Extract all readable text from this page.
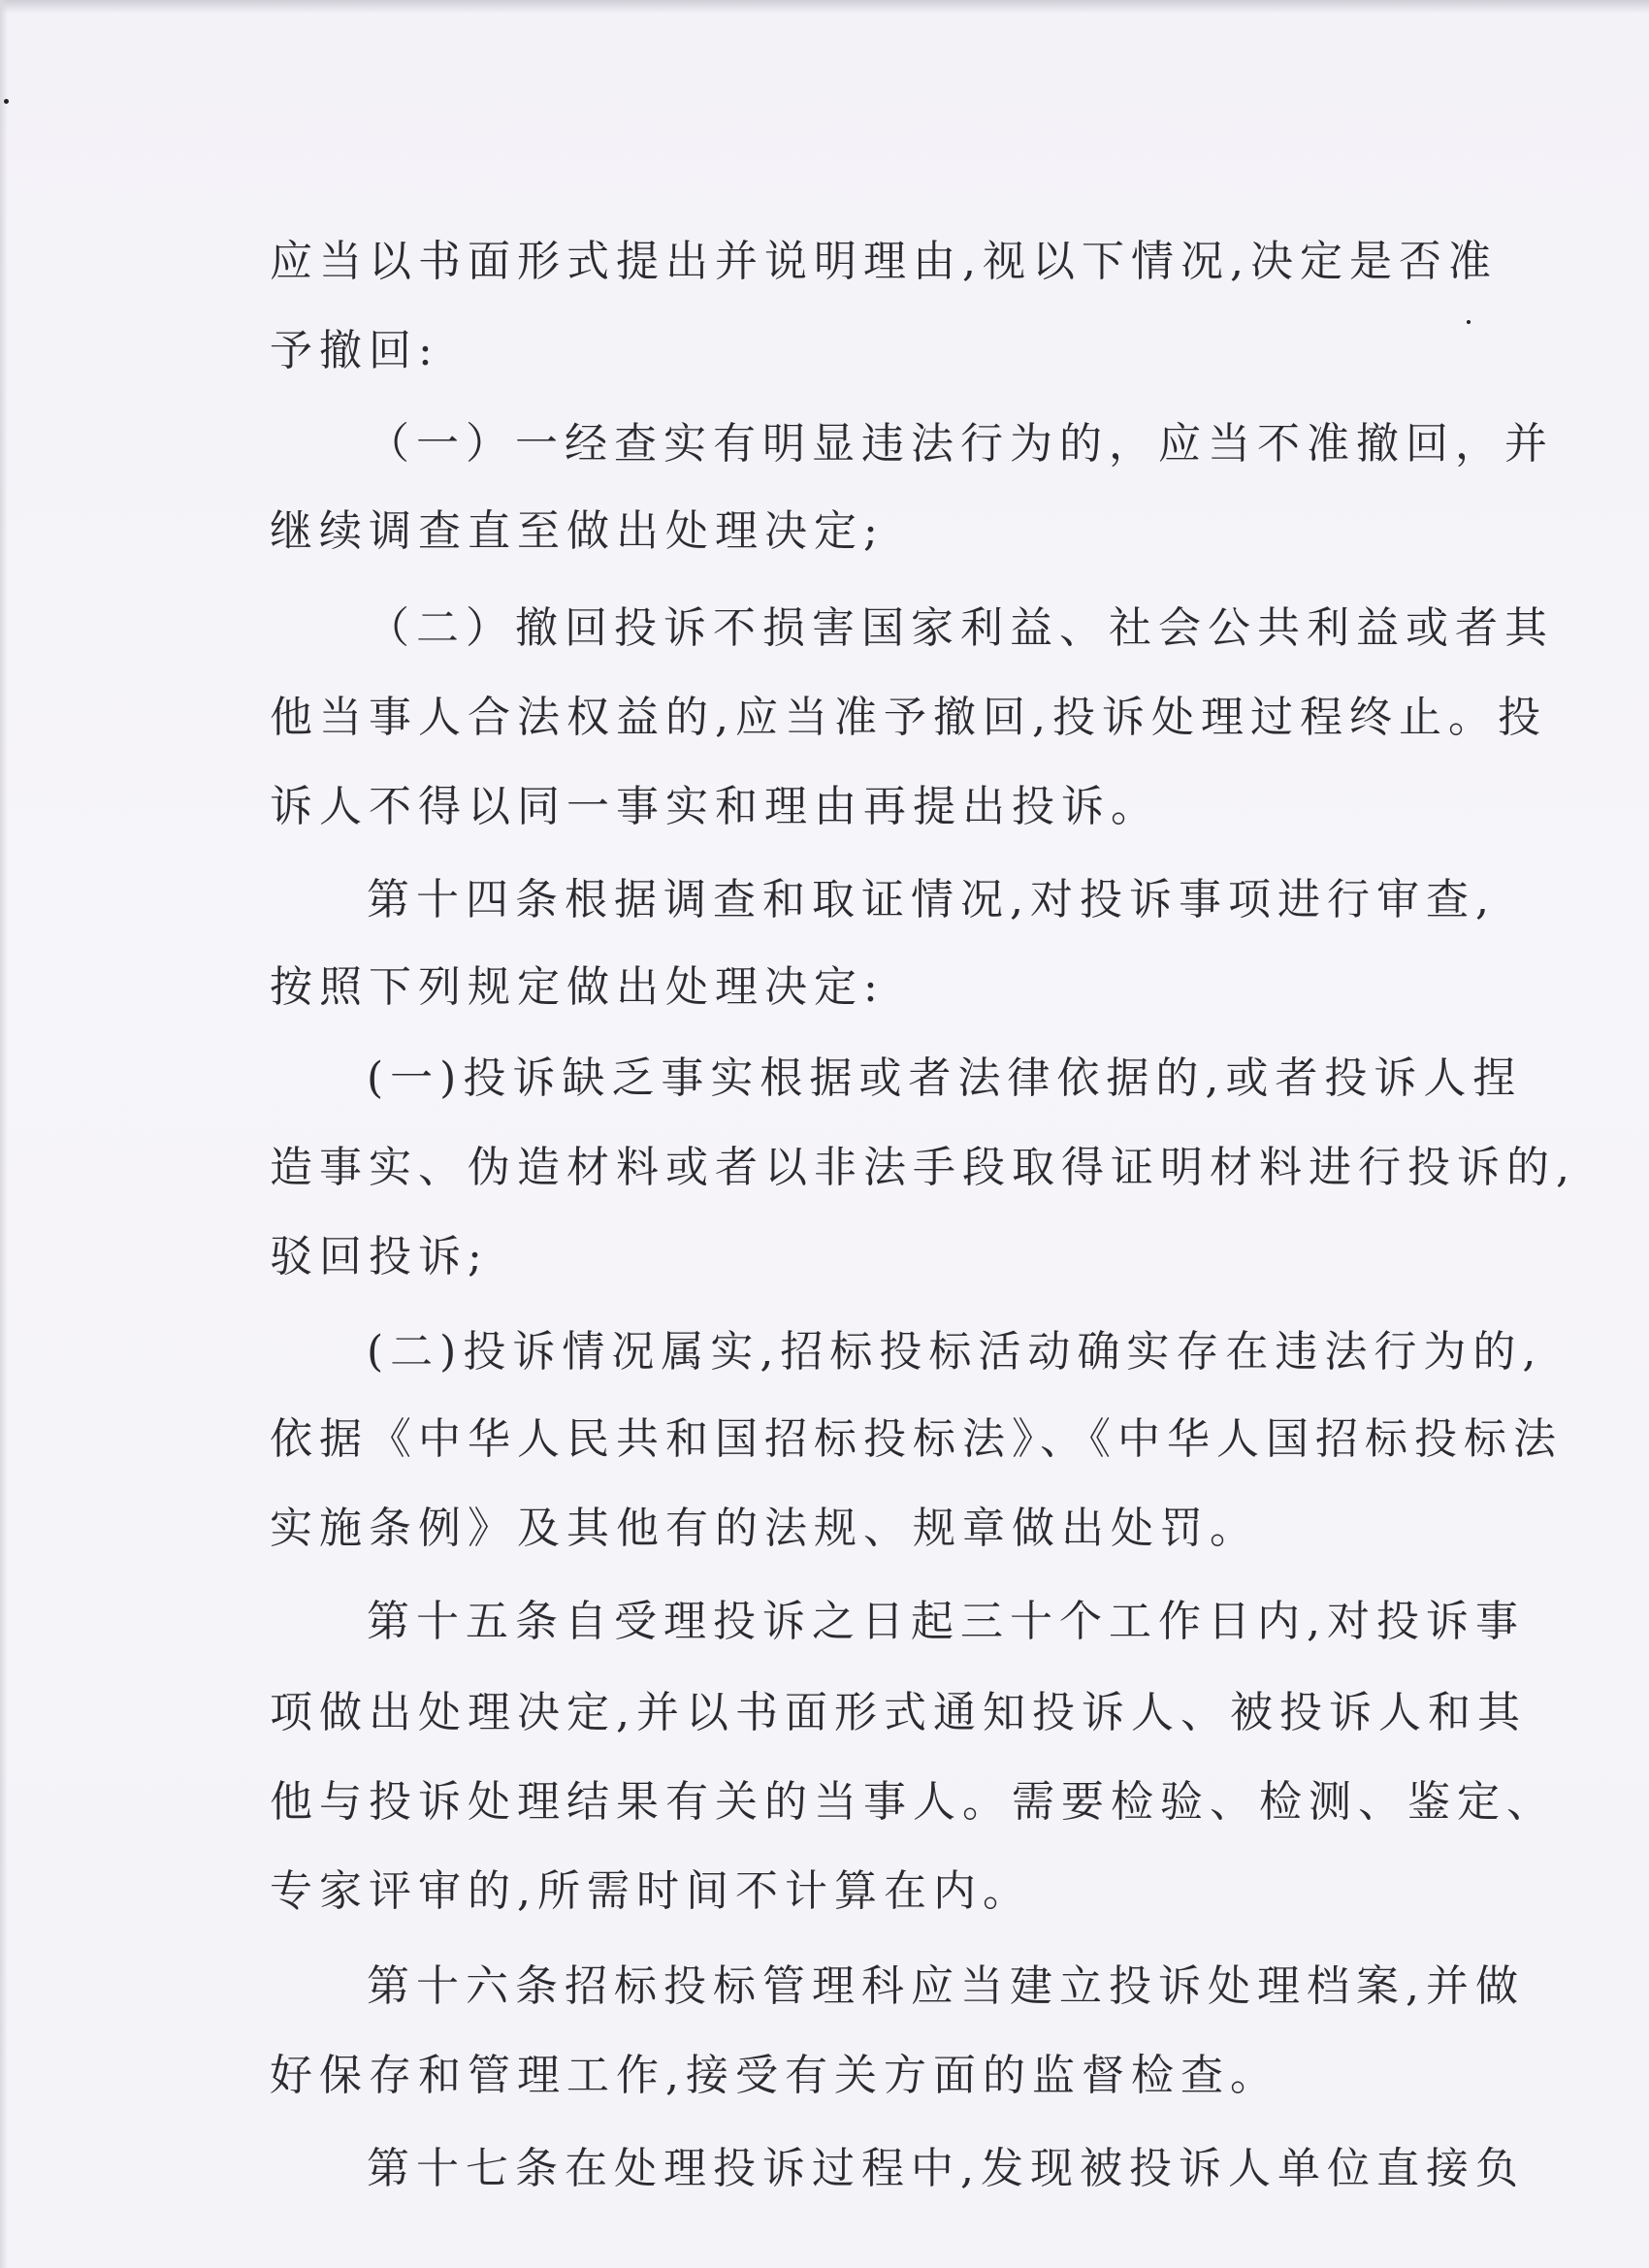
应当以书面形式提出并说明理由,视以下情况,决定是否准
予撤回:
（一）一经查实有明显违法行为的，应当不准撤回，并
继续调查直至做出处理决定;
（二）撤回投诉不损害国家利益、社会公共利益或者其
他当事人合法权益的,应当准予撤回,投诉处理过程终止。投
诉人不得以同一事实和理由再提出投诉。
第十四条根据调查和取证情况,对投诉事项进行审查,
按照下列规定做出处理决定:
(一)投诉缺乏事实根据或者法律依据的,或者投诉人捏
造事实、伪造材料或者以非法手段取得证明材料进行投诉的,
驳回投诉;
(二)投诉情况属实,招标投标活动确实存在违法行为的,
依据《中华人民共和国招标投标法》、《中华人国招标投标法
实施条例》及其他有的法规、规章做出处罚。
第十五条自受理投诉之日起三十个工作日内,对投诉事
项做出处理决定,并以书面形式通知投诉人、被投诉人和其
他与投诉处理结果有关的当事人。需要检验、检测、鉴定、
专家评审的,所需时间不计算在内。
第十六条招标投标管理科应当建立投诉处理档案,并做
好保存和管理工作,接受有关方面的监督检查。
第十七条在处理投诉过程中,发现被投诉人单位直接负
